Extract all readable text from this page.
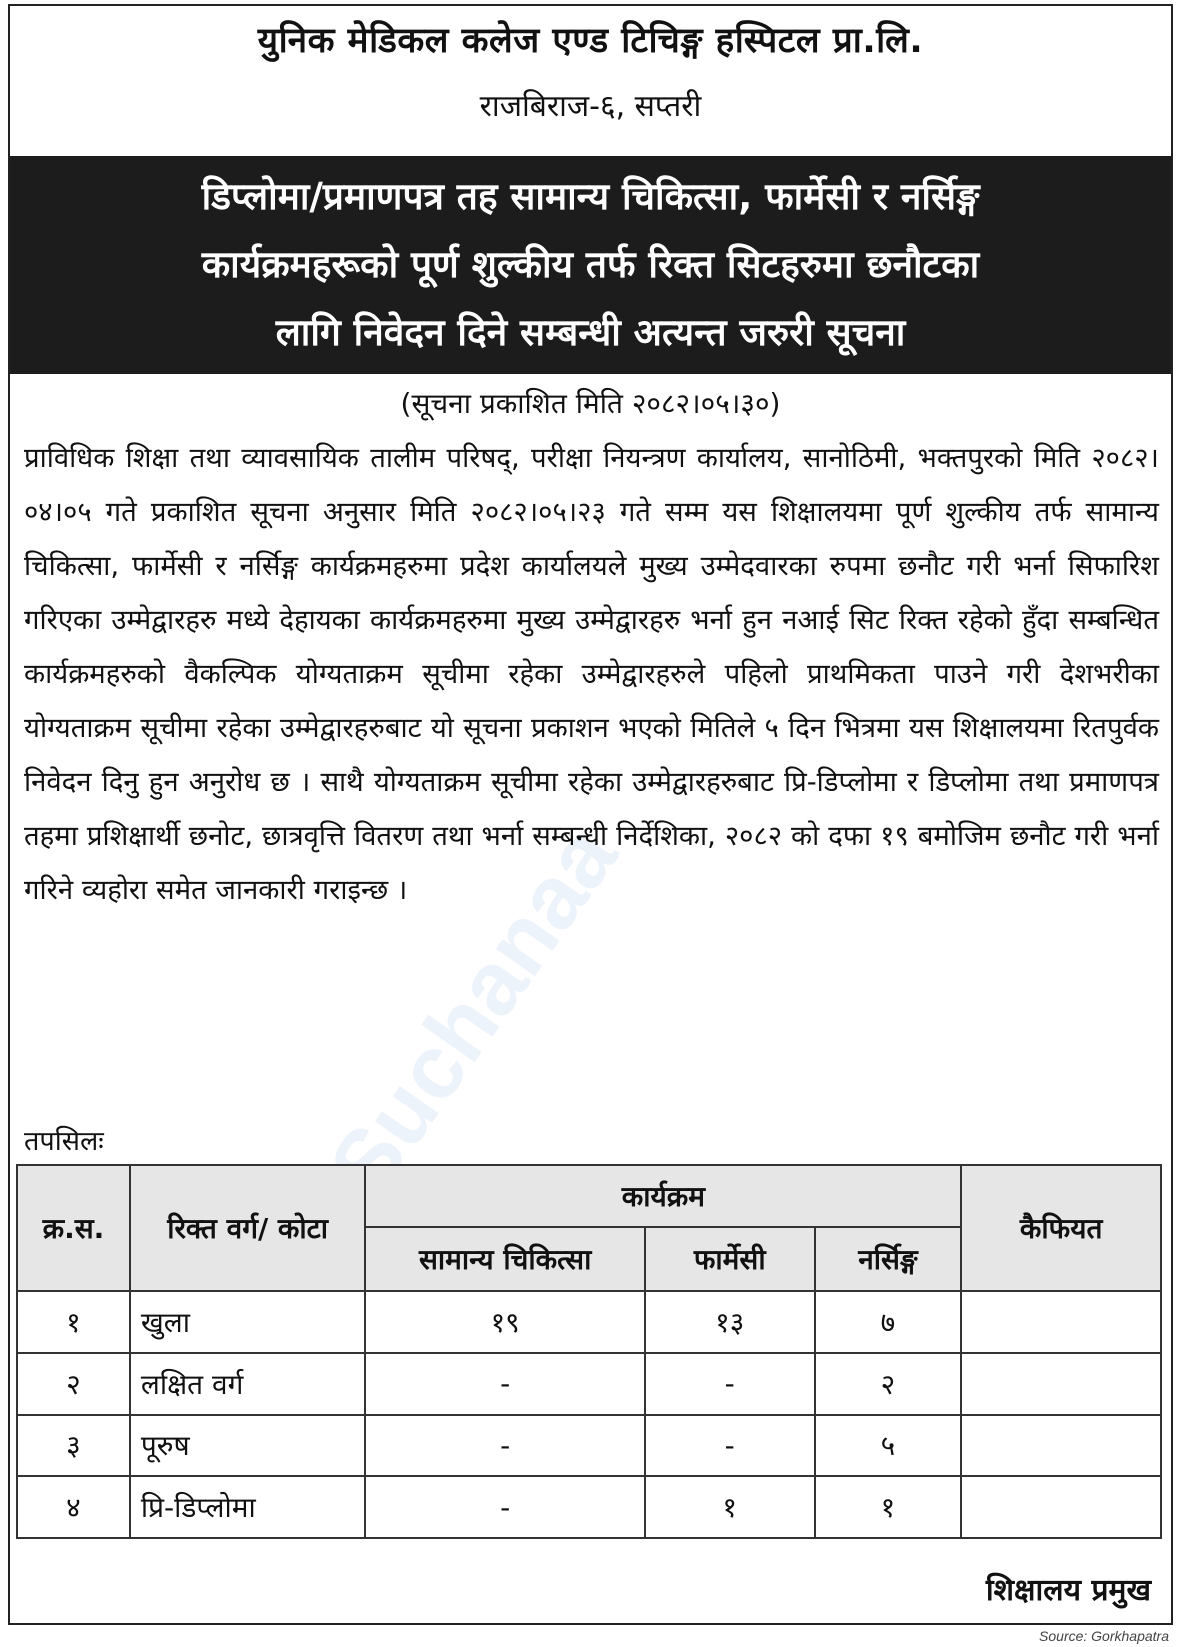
Suchanaa
युनिक मेडिकल कलेज एण्ड टिचिङ्ग हस्पिटल प्रा.लि.
राजबिराज-६, सप्तरी
डिप्लोमा/प्रमाणपत्र तह सामान्य चिकित्सा, फार्मेसी र नर्सिङ्ग
कार्यक्रमहरूको पूर्ण शुल्कीय तर्फ रिक्त सिटहरुमा छनौटका
लागि निवेदन दिने सम्बन्धी अत्यन्त जरुरी सूचना
(सूचना प्रकाशित मिति २०८२।०५।३०)
प्राविधिक शिक्षा तथा व्यावसायिक तालीम परिषद्, परीक्षा नियन्त्रण कार्यालय, सानोठिमी, भक्तपुरको मिति २०८२।०४।०५ गते प्रकाशित सूचना अनुसार मिति २०८२।०५।२३ गते सम्म यस शिक्षालयमा पूर्ण शुल्कीय तर्फ सामान्य चिकित्सा, फार्मेसी र नर्सिङ्ग कार्यक्रमहरुमा प्रदेश कार्यालयले मुख्य उम्मेदवारका रुपमा छनौट गरी भर्ना सिफारिश गरिएका उम्मेद्वारहरु मध्ये देहायका कार्यक्रमहरुमा मुख्य उम्मेद्वारहरु भर्ना हुन नआई सिट रिक्त रहेको हुँदा सम्बन्धित कार्यक्रमहरुको वैकल्पिक योग्यताक्रम सूचीमा रहेका उम्मेद्वारहरुले पहिलो प्राथमिकता पाउने गरी देशभरीका योग्यताक्रम सूचीमा रहेका उम्मेद्वारहरुबाट यो सूचना प्रकाशन भएको मितिले ५ दिन भित्रमा यस शिक्षालयमा रितपुर्वक निवेदन दिनु हुन अनुरोध छ । साथै योग्यताक्रम सूचीमा रहेका उम्मेद्वारहरुबाट प्रि-डिप्लोमा र डिप्लोमा तथा प्रमाणपत्र तहमा प्रशिक्षार्थी छनोट, छात्रवृत्ति वितरण तथा भर्ना सम्बन्धी निर्देशिका, २०८२ को दफा १९ बमोजिम छनौट गरी भर्ना गरिने व्यहोरा समेत जानकारी गराइन्छ ।
तपसिलः
क्र.स.	रिक्त वर्ग/ कोटा	कार्यक्रम			कैफियत
		सामान्य चिकित्सा	फार्मेसी	नर्सिङ्ग	
१	खुला	१९	१३	७	
२	लक्षित वर्ग	-	-	२	
३	पूरुष	-	-	५	
४	प्रि-डिप्लोमा	-	१	१	
शिक्षालय प्रमुख
Source: Gorkhapatra
